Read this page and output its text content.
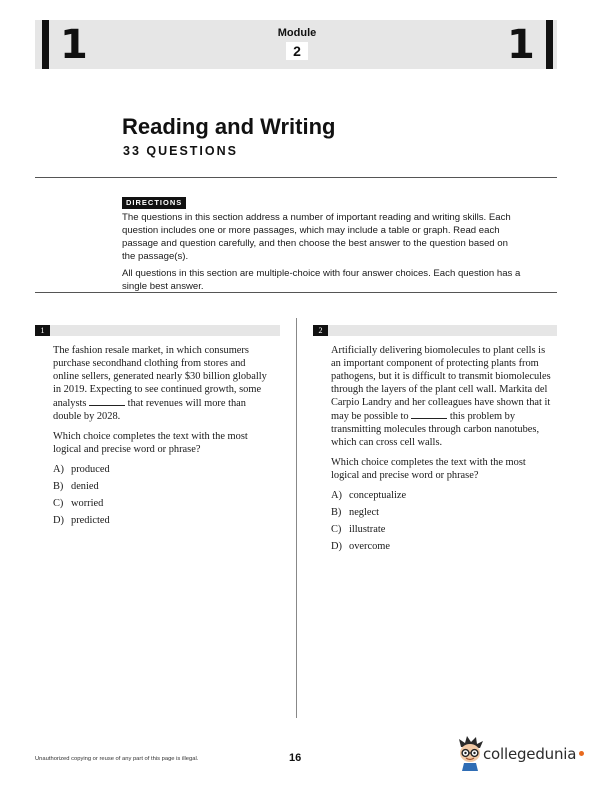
1	Module
2	1
Reading and Writing
33 QUESTIONS
DIRECTIONS

The questions in this section address a number of important reading and writing skills. Each question includes one or more passages, which may include a table or graph. Read each passage and question carefully, and then choose the best answer to the question based on the passage(s).

All questions in this section are multiple-choice with four answer choices. Each question has a single best answer.

1

The fashion resale market, in which consumers purchase secondhand clothing from stores and online sellers, generated nearly $30 billion globally in 2019. Expecting to see continued growth, some analysts	that revenues will more than double by 2028.

Which choice completes the text with the most logical and precise word or phrase?

A) produced
B) denied
C) worried
D) predicted
2

Artificially delivering biomolecules to plant cells is an important component of protecting plants from pathogens, but it is difficult to transmit biomolecules through the layers of the plant cell wall. Markita del Carpio Landry and her colleagues have shown that it may be possible to	this problem by transmitting molecules through carbon nanotubes, which can cross cell walls.

Which choice completes the text with the most logical and precise word or phrase?

A) conceptualize
B) neglect
C) illustrate
D) overcome
Unauthorized copying or reuse of any part of this page is illegal.	16	collegedunia
